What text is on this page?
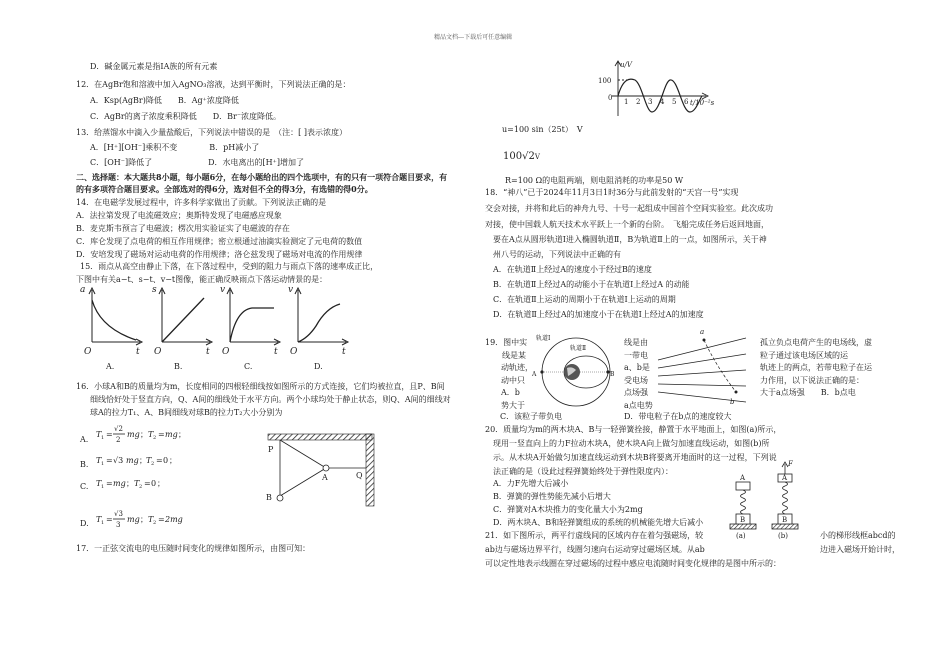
精品文档---下载后可任意编辑
D．碱金属元素是指ⅠA族的所有元素
12．在AgBr饱和溶液中加入AgNO₃溶液，达到平衡时，下列说法正确的是：
A．Ksp(AgBr)降低　　B．Ag⁺浓度降低
C．AgBr的离子浓度乘积降低　　D．Br⁻浓度降低。
13．给蒸馏水中滴入少量盐酸后，下列说法中错误的是　（注：[ ]表示浓度）
A．[H⁺][OH⁻]乘积不变　　　　B．pH减小了
C．[OH⁻]降低了　　　　　　　D．水电离出的[H⁺]增加了
二、选择题：本大题共8小题，每小题6分，在每小题给出的四个选项中，有的只有一项符合题目要求，有
的有多项符合题目要求。全部选对的得6分，选对但不全的得3分，有选错的得0分。
14．在电磁学发展过程中，许多科学家做出了贡献。下列说法正确的是
A．法拉第发现了电流磁效应；奥斯特发现了电磁感应现象
B．麦克斯韦预言了电磁波；楞次用实验证实了电磁波的存在
C．库仑发现了点电荷的相互作用规律；密立根通过油滴实验测定了元电荷的数值
D．安培发现了磁场对运动电荷的作用规律；洛仑兹发现了磁场对电流的作用规律
15．雨点从高空由静止下落，在下落过程中，受到的阻力与雨点下落的速率成正比，
下图中有关a−t、s−t、v−t图像，能正确反映雨点下落运动情景的是：
a
O	t
s
O	t
v
O	t
v
O	t
A.	B.	C.	D.
16．小球A和B的质量均为m，长度相同的四根轻细线按如图所示的方式连接，它们均被拉直，且P、B间
细线恰好处于竖直方向，Q、A间的细线处于水平方向。两个小球均处于静止状态，则Q、A间的细线对
球A的拉力T₁、A、B间细线对球B的拉力T₂大小分别为
A.
T 1 =
√2
2
mg ； T 2 = mg ；
B. T 1 = √3 mg ； T 2 = 0 ；
C. T 1 = mg ； T 2 = 0 ；
D. T 1 =
√3
3
mg ； T 2 = 2mg
P
Q
A
B
17．一正弦交流电的电压随时间变化的规律如图所示，由图可知：
u/V
100
0
t/10⁻²s
1 2 3 4 5 6
u=100 sin（25t）　V
100√2V
R=100 Ω的电阻两端，则电阻消耗的功率是50 W
18．“神八”已于2024年11月3日1时36分与此前发射的“天宫一号”实现
交会对接，并将和此后的神舟九号、十号一起组成中国首个空间实验室。此次成功
对接，使中国载人航天技术水平跃上一个新的台阶。　飞船完成任务后返回地面，
要在A点从圆形轨道Ⅰ进入椭圆轨道Ⅱ，B为轨道Ⅱ上的一点，如图所示，关于神
州八号的运动，下列说法中正确的有
A．在轨道Ⅱ上经过A的速度小于经过B的速度
B．在轨道Ⅱ上经过A的动能小于在轨道Ⅰ上经过A 的动能
C．在轨道Ⅱ上运动的周期小于在轨道Ⅰ上运动的周期
D．在轨道Ⅱ上经过A的加速度小于在轨道Ⅰ上经过A的加速度
19．图中实
线是某
　　动轨迹，
　　动中只
　　A．b
　　势大于
轨道Ⅰ
轨道Ⅱ
A	B
线是由
一带电
a、b是
受电场
点场强
a点电势
a
b
孤立负点电荷产生的电场线，虚
粒子通过该电场区域的运
轨迹上的两点，若带电粒子在运
力作用，以下说法正确的是：
大于a点场强　　B．b点电
C．该粒子带负电	D．带电粒子在b点的速度较大
20．质量均为m的两木块A、B与一轻弹簧拴接，静置于水平地面上，如图(a)所示，
现用一竖直向上的力F拉动木块A，使木块A向上做匀加速直线运动，如图(b)所
示。从木块A开始做匀加速直线运动到木块B将要离开地面时的这一过程，下列说
法正确的是（设此过程弹簧始终处于弹性限度内）：
A．力F先增大后减小
B．弹簧的弹性势能先减小后增大
C．弹簧对A木块推力的变化量大小为2mg
D．两木块A、B和轻弹簧组成的系统的机械能先增大后减小
F
A
B
A
B
(a)	(b)
21．如下图所示，两平行虚线间的区域内存在着匀强磁场，较	小的梯形线框abcd的
ab边与磁场边界平行，线圈匀速向右运动穿过磁场区域。从ab	边进入磁场开始计时，
可以定性地表示线圈在穿过磁场的过程中感应电流随时间变化规律的是图中所示的：
